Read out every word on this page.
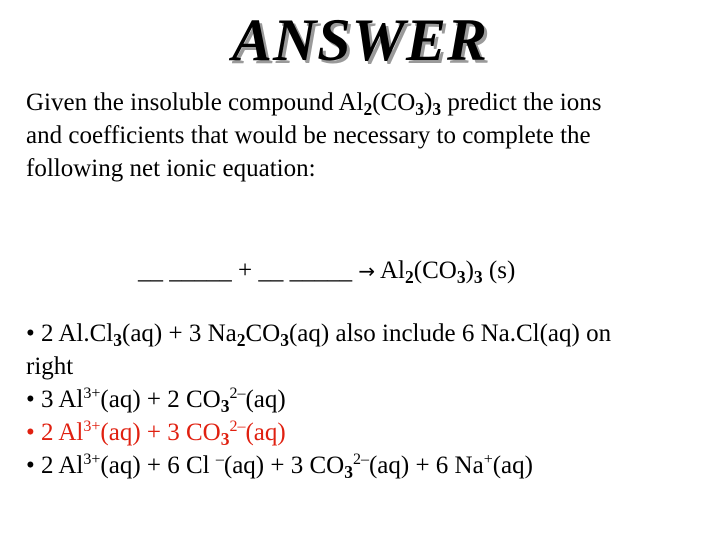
ANSWER
Given the insoluble compound $Al_2(CO_3)_3$ predict the ions
and coefficients that would be necessary to complete the
following net ionic equation:
__ _____ + __ _____ → $Al_2(CO_3)_3$ (s)
• 2 $Al.Cl_3(aq) + 3$ $Na_2CO_3(aq)$ also include 6 Na.Cl(aq) on
right
• 3 $Al^{3+}(aq) + 2$ $CO_3^{2-}(aq)$
• 2 $Al^{3+}(aq) + 3$ $CO_3^{2-}(aq)$
• 2 $Al^{3+}(aq) + 6$ Cl –(aq) + 3 $CO_3^{2-}(aq) + 6$ Na+(aq)
